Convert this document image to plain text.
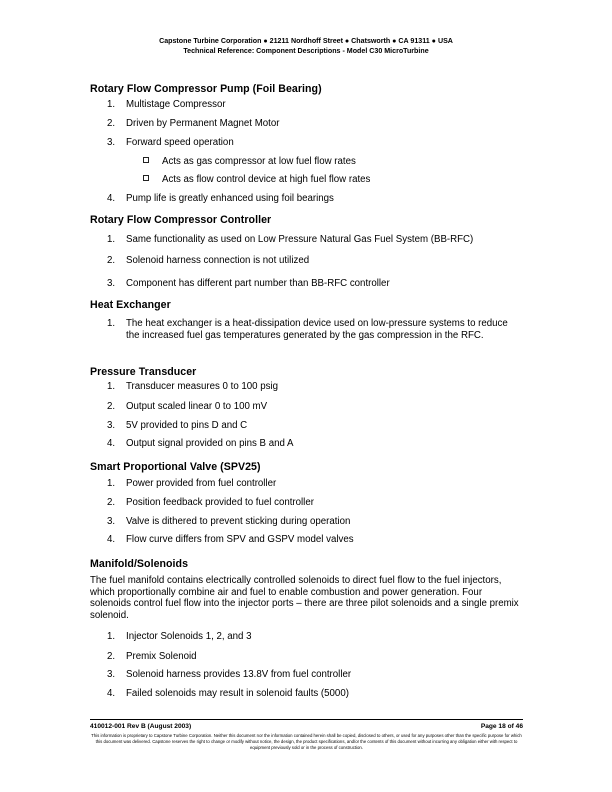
Capstone Turbine Corporation ● 21211 Nordhoff Street ● Chatsworth ● CA 91311 ● USA
Technical Reference: Component Descriptions - Model C30 MicroTurbine
Rotary Flow Compressor Pump (Foil Bearing)
1.	Multistage Compressor
2.	Driven by Permanent Magnet Motor
3.	Forward speed operation
Acts as gas compressor at low fuel flow rates
Acts as flow control device at high fuel flow rates
4.	Pump life is greatly enhanced using foil bearings
Rotary Flow Compressor Controller
1.	Same functionality as used on Low Pressure Natural Gas Fuel System (BB-RFC)
2.	Solenoid harness connection is not utilized
3.	Component has different part number than BB-RFC controller
Heat Exchanger
1.	The heat exchanger is a heat-dissipation device used on low-pressure systems to reduce the increased fuel gas temperatures generated by the gas compression in the RFC.
Pressure Transducer
1.	Transducer measures 0 to 100 psig
2.	Output scaled linear 0 to 100 mV
3.	5V provided to pins D and C
4.	Output signal provided on pins B and A
Smart Proportional Valve (SPV25)
1.	Power provided from fuel controller
2.	Position feedback provided to fuel controller
3.	Valve is dithered to prevent sticking during operation
4.	Flow curve differs from SPV and GSPV model valves
Manifold/Solenoids
The fuel manifold contains electrically controlled solenoids to direct fuel flow to the fuel injectors, which proportionally combine air and fuel to enable combustion and power generation. Four solenoids control fuel flow into the injector ports – there are three pilot solenoids and a single premix solenoid.
1.	Injector Solenoids 1, 2, and 3
2.	Premix Solenoid
3.	Solenoid harness provides 13.8V from fuel controller
4.	Failed solenoids may result in solenoid faults (5000)
410012-001 Rev B (August 2003)	Page 18 of 46
This information is proprietary to Capstone Turbine Corporation. Neither this document nor the information contained herein shall be copied, disclosed to others, or used for any purposes other than the specific purpose for which this document was delivered. Capstone reserves the right to change or modify without notice, the design, the product specifications, and/or the contents of this document without incurring any obligation either with respect to equipment previously sold or in the process of construction.
